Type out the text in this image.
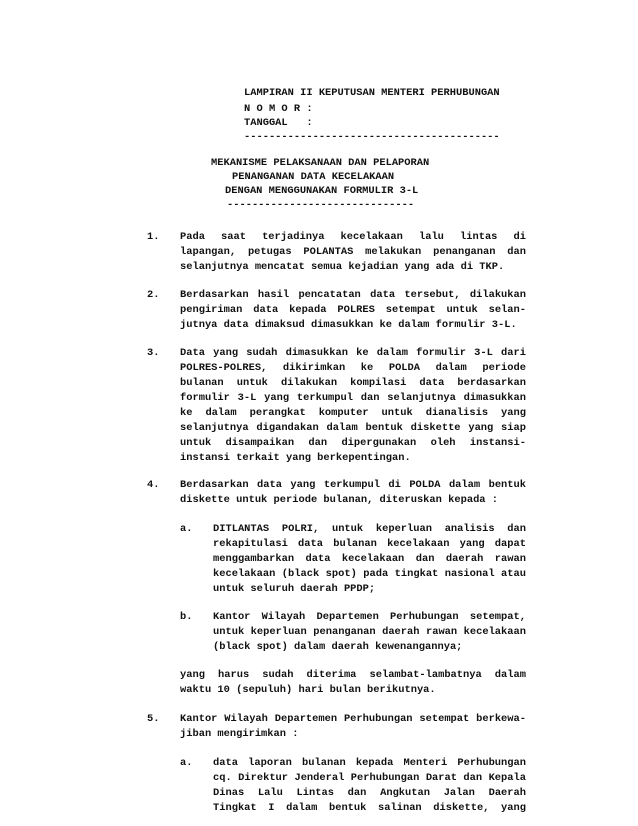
LAMPIRAN II KEPUTUSAN MENTERI PERHUBUNGAN
N O M O R :
TANGGAL   :
-----------------------------------------
MEKANISME PELAKSANAAN DAN PELAPORAN
PENANGANAN DATA KECELAKAAN
DENGAN MENGGUNAKAN FORMULIR 3-L
------------------------------
1. Pada saat terjadinya kecelakaan lalu lintas di
lapangan, petugas POLANTAS melakukan penanganan dan
selanjutnya mencatat semua kejadian yang ada di TKP.
2. Berdasarkan hasil pencatatan data tersebut, dilakukan
pengiriman data kepada POLRES setempat untuk selan-
jutnya data dimaksud dimasukkan ke dalam formulir 3-L.
3. Data yang sudah dimasukkan ke dalam formulir 3-L dari
POLRES-POLRES, dikirimkan ke POLDA dalam periode
bulanan untuk dilakukan kompilasi data berdasarkan
formulir 3-L yang terkumpul dan selanjutnya dimasukkan
ke dalam perangkat komputer untuk dianalisis yang
selanjutnya digandakan dalam bentuk diskette yang siap
untuk disampaikan dan dipergunakan oleh instansi-
instansi terkait yang berkepentingan.
4. Berdasarkan data yang terkumpul di POLDA dalam bentuk
diskette untuk periode bulanan, diteruskan kepada :
a. DITLANTAS POLRI, untuk keperluan analisis dan
rekapitulasi data bulanan kecelakaan yang dapat
menggambarkan data kecelakaan dan daerah rawan
kecelakaan (black spot) pada tingkat nasional atau
untuk seluruh daerah PPDP;
b. Kantor Wilayah Departemen Perhubungan setempat,
untuk keperluan penanganan daerah rawan kecelakaan
(black spot) dalam daerah kewenangannya;
yang harus sudah diterima selambat-lambatnya dalam
waktu 10 (sepuluh) hari bulan berikutnya.
5. Kantor Wilayah Departemen Perhubungan setempat berkewa-
jiban mengirimkan :
a. data laporan bulanan kepada Menteri Perhubungan
cq. Direktur Jenderal Perhubungan Darat dan Kepala
Dinas Lalu Lintas dan Angkutan Jalan Daerah
Tingkat I dalam bentuk salinan diskette, yang
